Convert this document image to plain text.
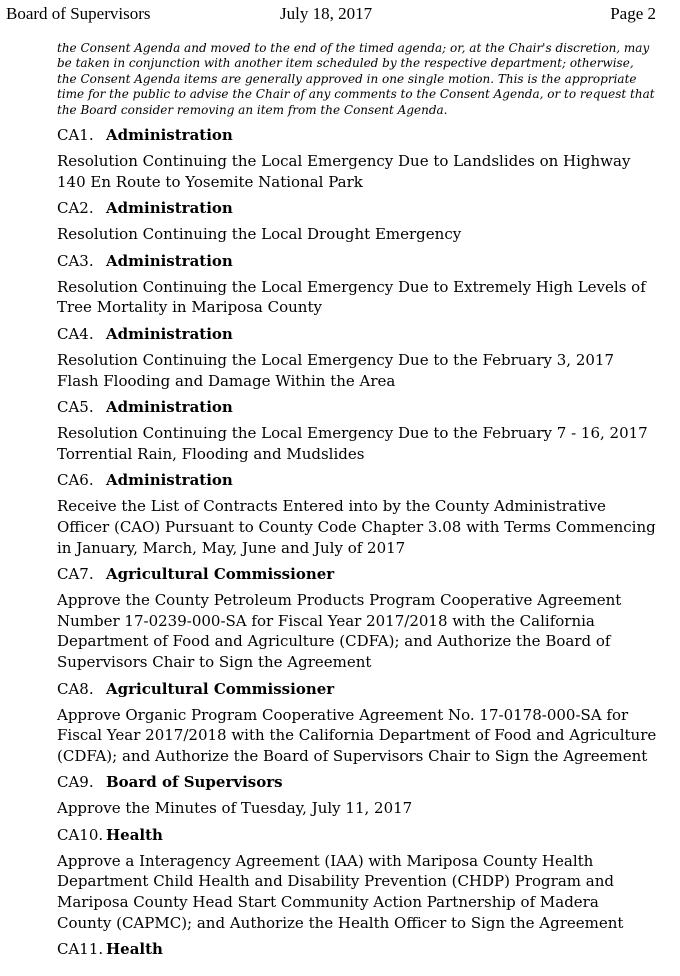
Board of Supervisors	July 18, 2017	Page 2
the Consent Agenda and moved to the end of the timed agenda; or, at the Chair's discretion, may be taken in conjunction with another item scheduled by the respective department; otherwise, the Consent Agenda items are generally approved in one single motion. This is the appropriate time for the public to advise the Chair of any comments to the Consent Agenda, or to request that the Board consider removing an item from the Consent Agenda.
CA1. Administration
Resolution Continuing the Local Emergency Due to Landslides on Highway 140 En Route to Yosemite National Park
CA2. Administration
Resolution Continuing the Local Drought Emergency
CA3. Administration
Resolution Continuing the Local Emergency Due to Extremely High Levels of Tree Mortality in Mariposa County
CA4. Administration
Resolution Continuing the Local Emergency Due to the February 3, 2017 Flash Flooding and Damage Within the Area
CA5. Administration
Resolution Continuing the Local Emergency Due to the February 7 - 16, 2017 Torrential Rain, Flooding and Mudslides
CA6. Administration
Receive the List of Contracts Entered into by the County Administrative Officer (CAO) Pursuant to County Code Chapter 3.08 with Terms Commencing in January, March, May, June and July of 2017
CA7. Agricultural Commissioner
Approve the County Petroleum Products Program Cooperative Agreement Number 17-0239-000-SA for Fiscal Year 2017/2018 with the California Department of Food and Agriculture (CDFA); and Authorize the Board of Supervisors Chair to Sign the Agreement
CA8. Agricultural Commissioner
Approve Organic Program Cooperative Agreement No. 17-0178-000-SA for Fiscal Year 2017/2018 with the California Department of Food and Agriculture (CDFA); and Authorize the Board of Supervisors Chair to Sign the Agreement
CA9. Board of Supervisors
Approve the Minutes of Tuesday, July 11, 2017
CA10. Health
Approve a Interagency Agreement (IAA) with Mariposa County Health Department Child Health and Disability Prevention (CHDP) Program and Mariposa County Head Start Community Action Partnership of Madera County (CAPMC); and Authorize the Health Officer to Sign the Agreement
CA11. Health
